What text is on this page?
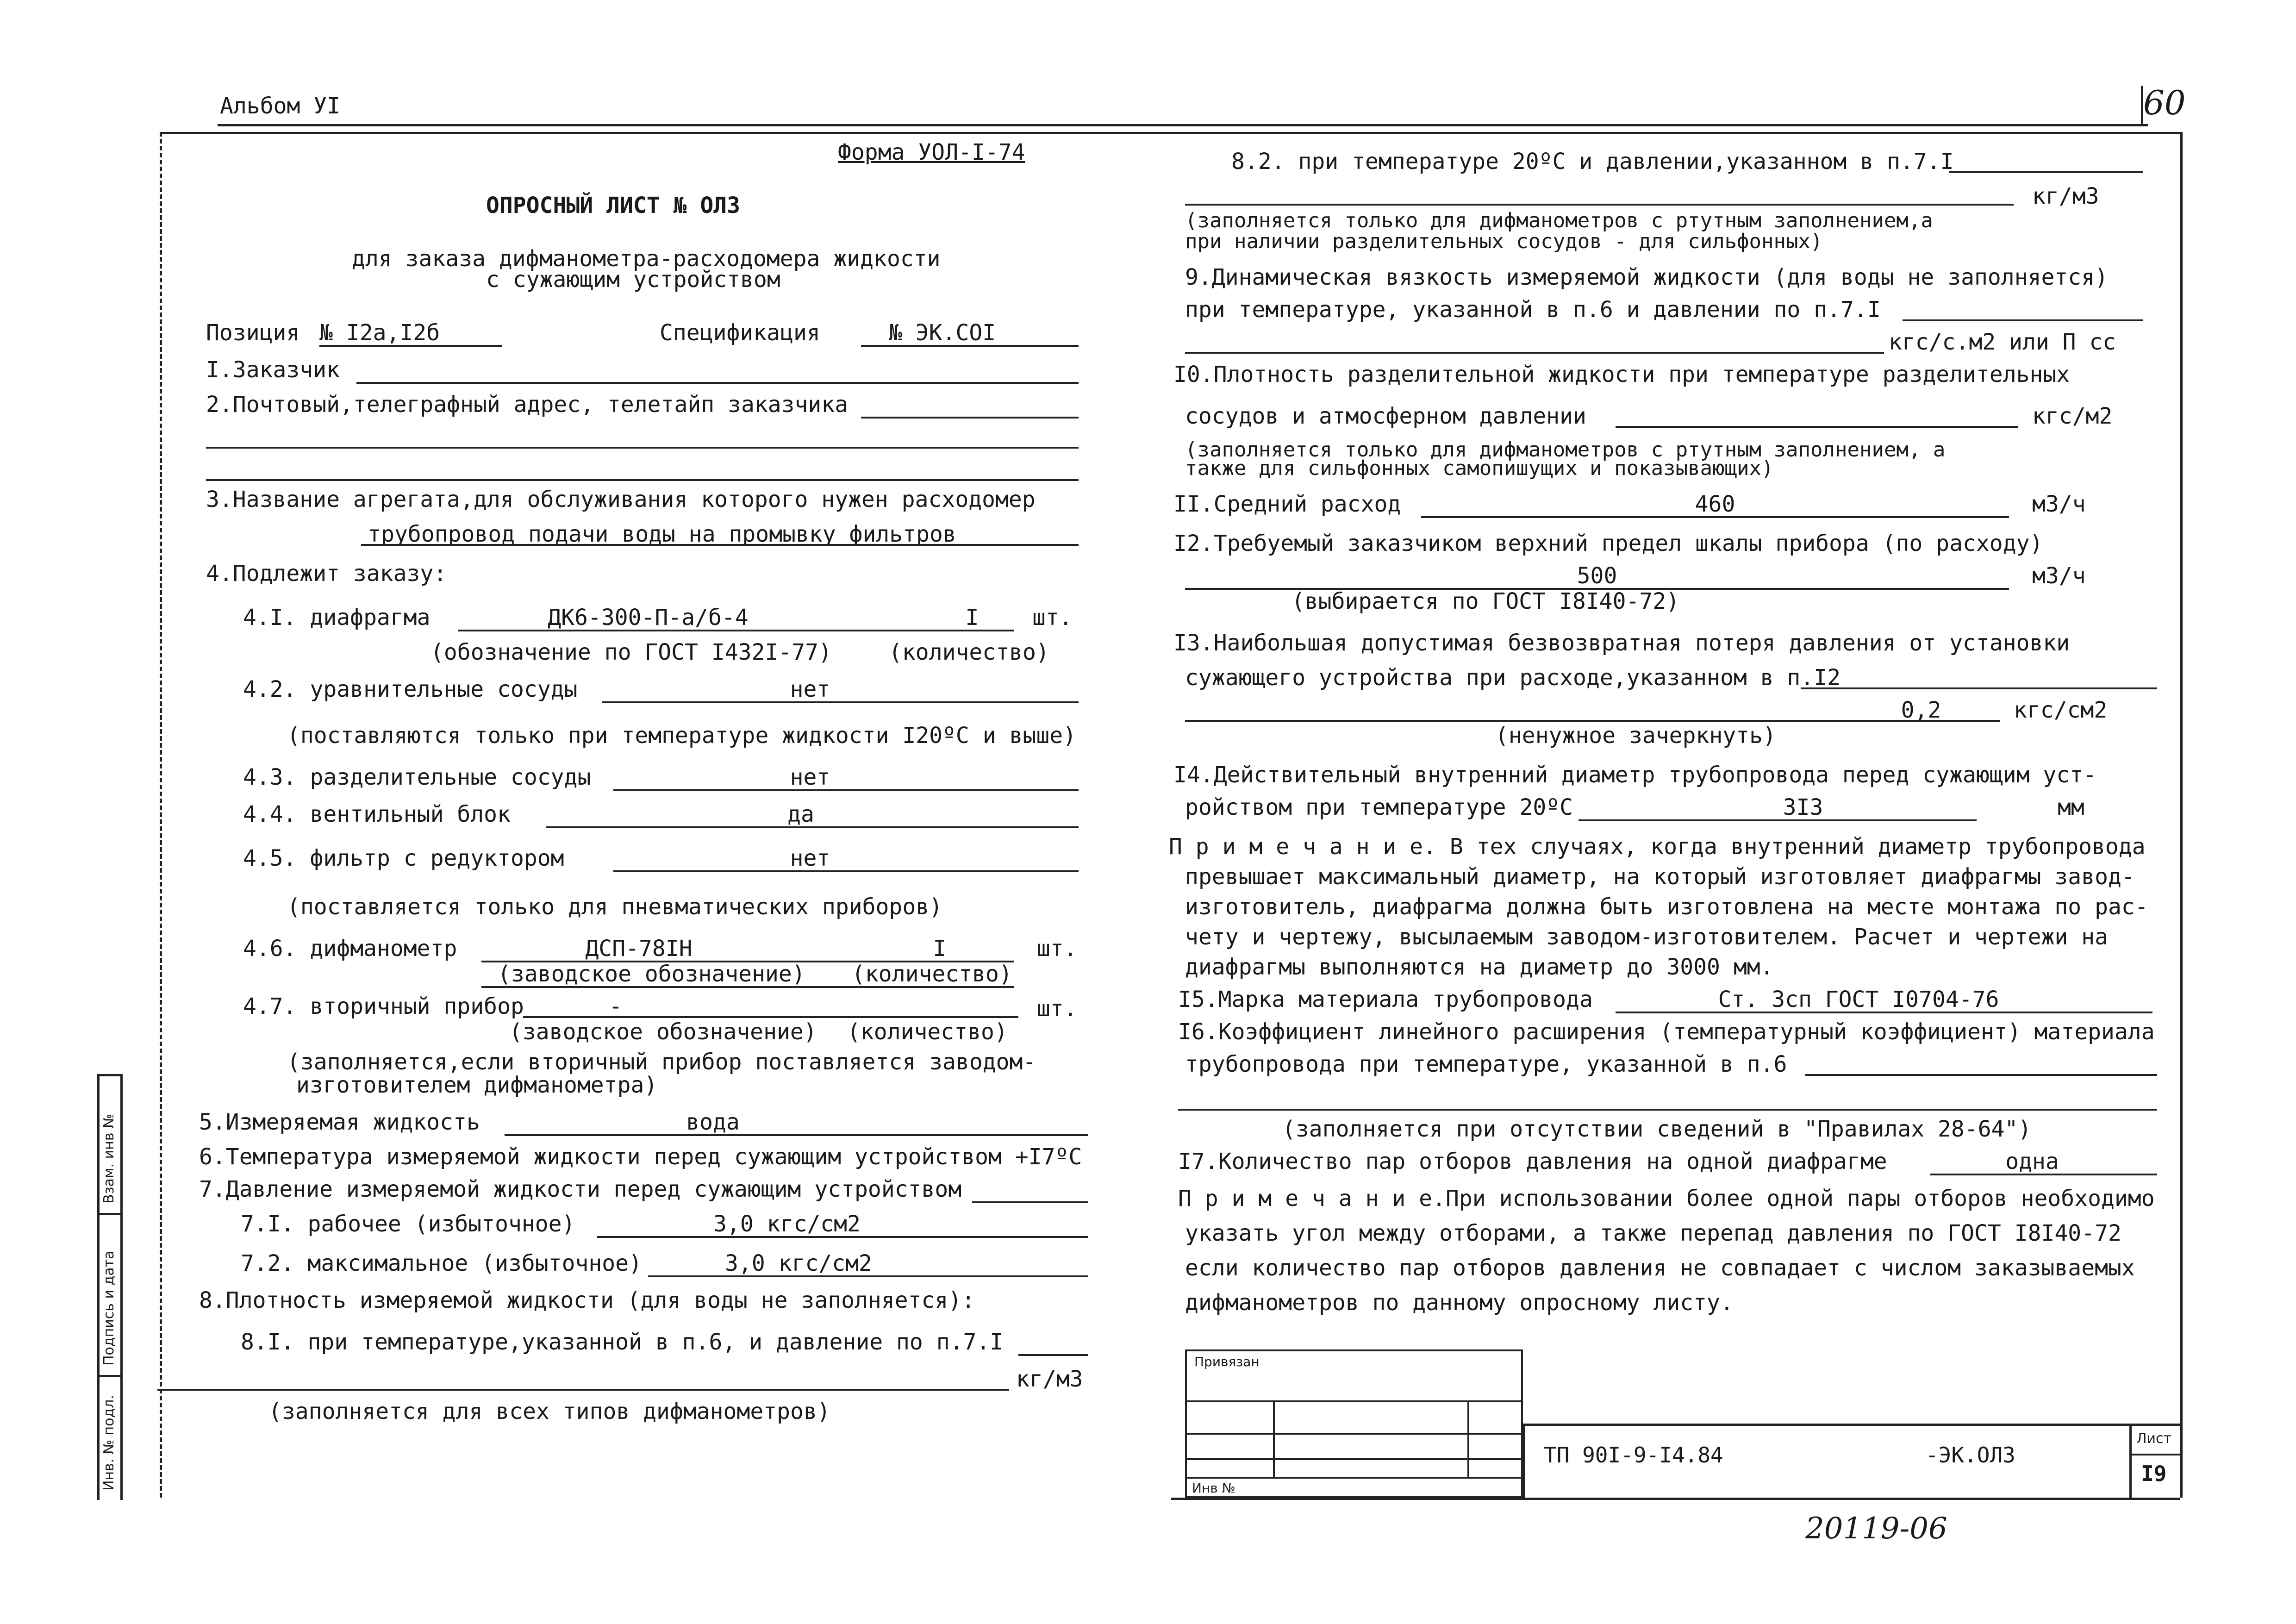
Альбом УI	60
Взам. инв №
Подпись и дата
Инв. № подл.
Форма УОЛ-I-74
ОПРОСНЫЙ ЛИСТ № ОЛЗ
для заказа дифманометра-расходомера жидкости
с сужающим устройством
Позиция № I2а,I2б	Спецификация	№ ЭК.СОI
I.Заказчик
2.Почтовый,телеграфный адрес, телетайп заказчика
3.Название агрегата,для обслуживания которого нужен расходомер
трубопровод подачи воды на промывку фильтров
4.Подлежит заказу:
4.I. диафрагма	ДК6-300-П-а/б-4	I	шт.
(обозначение по ГОСТ I432I-77)	(количество)
4.2. уравнительные сосуды	нет
(поставляются только при температуре жидкости I20ºC и выше)
4.3. разделительные сосуды	нет
4.4. вентильный блок	да
4.5. фильтр с редуктором	нет
(поставляется только для пневматических приборов)
4.6. дифманометр	ДСП-78IН	I	шт.
(заводское обозначение) (количество)
4.7. вторичный прибор	-	шт.
(заводское обозначение) (количество)
(заполняется,если вторичный прибор поставляется заводом-
изготовителем дифманометра)
5.Измеряемая жидкость	вода
6.Температура измеряемой жидкости перед сужающим устройством +I7ºС
7.Давление измеряемой жидкости перед сужающим устройством
7.I. рабочее (избыточное)	3,0 кгс/см2
7.2. максимальное (избыточное)	3,0 кгс/см2
8.Плотность измеряемой жидкости (для воды не заполняется):
8.I. при температуре,указанной в п.6, и давление по п.7.I
кг/м3
(заполняется для всех типов дифманометров)
8.2. при температуре 20ºС и давлении,указанном в п.7.I
кг/м3
(заполняется только для дифманометров с ртутным заполнением,а
при наличии разделительных сосудов - для сильфонных)
9.Динамическая вязкость измеряемой жидкости (для воды не заполняется)
при температуре, указанной в п.6 и давлении по п.7.I
кгс/с.м2 или П сс
I0.Плотность разделительной жидкости при температуре разделительных
сосудов и атмосферном давлении	кгс/м2
(заполняется только для дифманометров с ртутным заполнением, а
также для сильфонных самопишущих и показывающих)
II.Средний расход	460	м3/ч
I2.Требуемый заказчиком верхний предел шкалы прибора (по расходу)
500	м3/ч
(выбирается по ГОСТ I8I40-72)
I3.Наибольшая допустимая безвозвратная потеря давления от установки
сужающего устройства при расходе,указанном в п.I2
0,2	кгс/см2
(ненужное зачеркнуть)
I4.Действительный внутренний диаметр трубопровода перед сужающим уст-
ройством при температуре 20ºС	3I3	мм
П р и м е ч а н и е. В тех случаях, когда внутренний диаметр трубопровода
превышает максимальный диаметр, на который изготовляет диафрагмы завод-
изготовитель, диафрагма должна быть изготовлена на месте монтажа по рас-
чету и чертежу, высылаемым заводом-изготовителем. Расчет и чертежи на
диафрагмы выполняются на диаметр до 3000 мм.
I5.Марка материала трубопровода	Ст. 3сп ГОСТ I0704-76
I6.Коэффициент линейного расширения (температурный коэффициент) материала
трубопровода при температуре, указанной в п.6
(заполняется при отсутствии сведений в "Правилах 28-64")
I7.Количество пар отборов давления на одной диафрагме	одна
П р и м е ч а н и е.При использовании более одной пары отборов необходимо
указать угол между отборами, а также перепад давления по ГОСТ I8I40-72
если количество пар отборов давления не совпадает с числом заказываемых
дифманометров по данному опросному листу.
Привязан
Инв №
ТП 90I-9-I4.84	-ЭК.ОЛЗ
Лист
I9
20119-06
